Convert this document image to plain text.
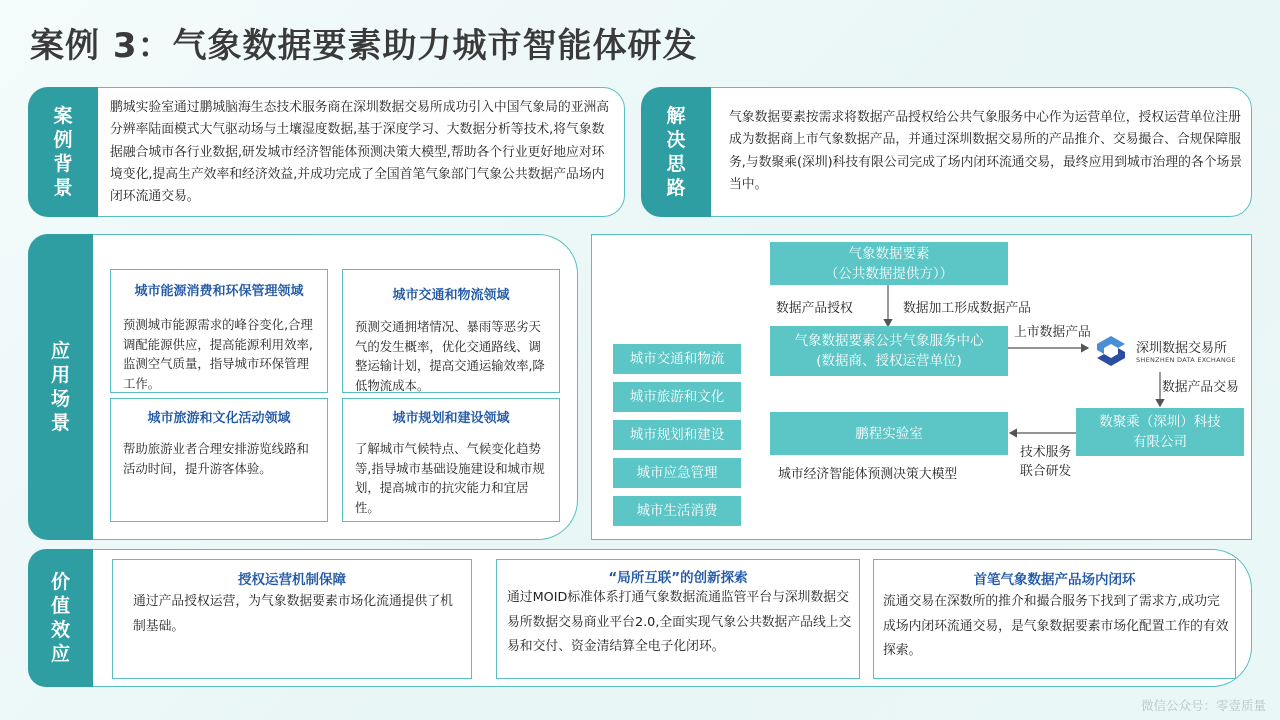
案例 3：气象数据要素助力城市智能体研发
案例背景
鹏城实验室通过鹏城脑海生态技术服务商在深圳数据交易所成功引入中国气象局的亚洲高分辨率陆面模式大气驱动场与土壤湿度数据,基于深度学习、大数据分析等技术,将气象数据融合城市各行业数据,研发城市经济智能体预测决策大模型,帮助各个行业更好地应对环境变化,提高生产效率和经济效益,并成功完成了全国首笔气象部门气象公共数据产品场内闭环流通交易。
解决思路
气象数据要素按需求将数据产品授权给公共气象服务中心作为运营单位，授权运营单位注册成为数据商上市气象数据产品，并通过深圳数据交易所的产品推介、交易撮合、合规保障服务,与数聚乘(深圳)科技有限公司完成了场内闭环流通交易，最终应用到城市治理的各个场景当中。
应用场景
城市能源消费和环保管理领域

预测城市能源需求的峰谷变化,合理调配能源供应，提高能源利用效率,监测空气质量，指导城市环保管理工作。

城市交通和物流领域

预测交通拥堵情况、暴雨等恶劣天气的发生概率，优化交通路线、调整运输计划，提高交通运输效率,降低物流成本。

城市旅游和文化活动领域

帮助旅游业者合理安排游览线路和活动时间，提升游客体验。

城市规划和建设领域

了解城市气候特点、气候变化趋势等,指导城市基础设施建设和城市规划，提高城市的抗灾能力和宜居性。

城市交通和物流
城市旅游和文化
城市规划和建设
城市应急管理
城市生活消费
气象数据要素
（公共数据提供方））
数据产品授权	数据加工形成数据产品
气象数据要素公共气象服务中心
(数据商、授权运营单位)
上市数据产品
深圳数据交易所
SHENZHEN DATA EXCHANGE
数据产品交易
数聚乘（深圳）科技
有限公司
鹏程实验室
技术服务
联合研发
城市经济智能体预测决策大模型
价值效应
授权运营机制保障
通过产品授权运营，为气象数据要素市场化流通提供了机制基础。
“局所互联”的创新探索
通过MOID标准体系打通气象数据流通监管平台与深圳数据交易所数据交易商业平台2.0,全面实现气象公共数据产品线上交易和交付、资金清结算全电子化闭环。
首笔气象数据产品场内闭环
流通交易在深数所的推介和撮合服务下找到了需求方,成功完成场内闭环流通交易，是气象数据要素市场化配置工作的有效探索。
微信公众号：零壹质量
